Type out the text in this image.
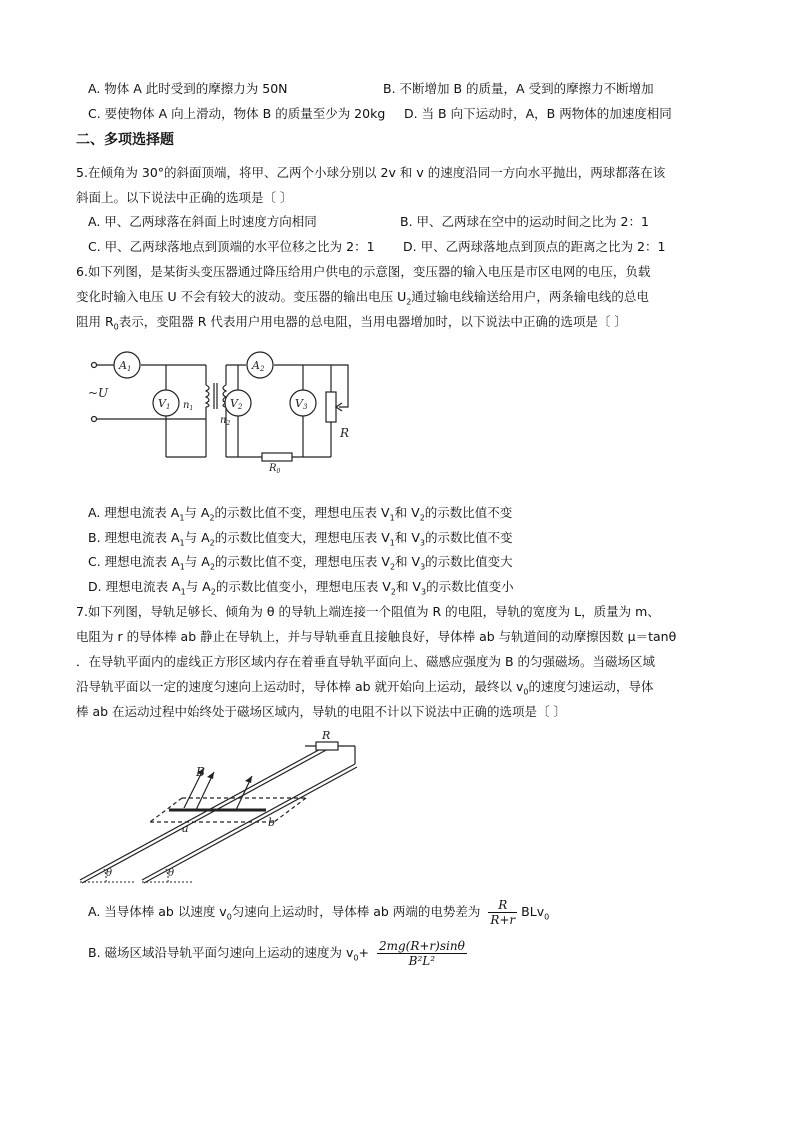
A. 物体 A 此时受到的摩擦力为 50N	B. 不断增加 B 的质量，A 受到的摩擦力不断增加
C. 要使物体 A 向上滑动，物体 B 的质量至少为 20kg D. 当 B 向下运动时，A，B 两物体的加速度相同
二、多项选择题
5.在倾角为 30°的斜面顶端，将甲、乙两个小球分别以 2v 和 v 的速度沿同一方向水平抛出，两球都落在该
斜面上。以下说法中正确的选项是〔 〕
A. 甲、乙两球落在斜面上时速度方向相同	B. 甲、乙两球在空中的运动时间之比为 2：1
C. 甲、乙两球落地点到顶端的水平位移之比为 2：1 D. 甲、乙两球落地点到顶点的距离之比为 2：1
6.如下列图，是某街头变压器通过降压给用户供电的示意图，变压器的输入电压是市区电网的电压，负载
变化时输入电压 U 不会有较大的波动。变压器的输出电压 $U_2$通过输电线输送给用户，两条输电线的总电
阻用 $R_0$表示，变阻器 R 代表用户用电器的总电阻，当用电器增加时，以下说法中正确的选项是〔 〕
A1	A2
V1	V2	V3
$n_1$
$n_2$
~U
R
$R_0$
A. 理想电流表 $A_1$与 $A_2$的示数比值不变，理想电压表 $V_1$和 $V_2$的示数比值不变
B. 理想电流表 $A_1$与 $A_2$的示数比值变大，理想电压表 $V_1$和 $V_3$的示数比值不变
C. 理想电流表 $A_1$与 $A_2$的示数比值不变，理想电压表 $V_2$和 $V_3$的示数比值变大
D. 理想电流表 $A_1$与 $A_2$的示数比值变小，理想电压表 $V_2$和 $V_3$的示数比值变小
7.如下列图，导轨足够长、倾角为 θ 的导轨上端连接一个阻值为 R 的电阻，导轨的宽度为 L，质量为 m、
电阻为 r 的导体棒 ab 静止在导轨上，并与导轨垂直且接触良好，导体棒 ab 与轨道间的动摩擦因数 μ＝tanθ
．在导轨平面内的虚线正方形区域内存在着垂直导轨平面向上、磁感应强度为 B 的匀强磁场。当磁场区域
沿导轨平面以一定的速度匀速向上运动时，导体棒 ab 就开始向上运动，最终以 $v_0$的速度匀速运动，导体
棒 ab 在运动过程中始终处于磁场区域内，导轨的电阻不计以下说法中正确的选项是〔 〕
B
a	b
R
θ	θ
A. 当导体棒 ab 以速度 $v_0$匀速向上运动时，导体棒 ab 两端的电势差为 $\frac{R}{R+r} BLv_0$
B. 磁场区域沿导轨平面匀速向上运动的速度为 $v_0+ \frac{2mg(R+r)\sin\theta}{\text{B²L²}}$
